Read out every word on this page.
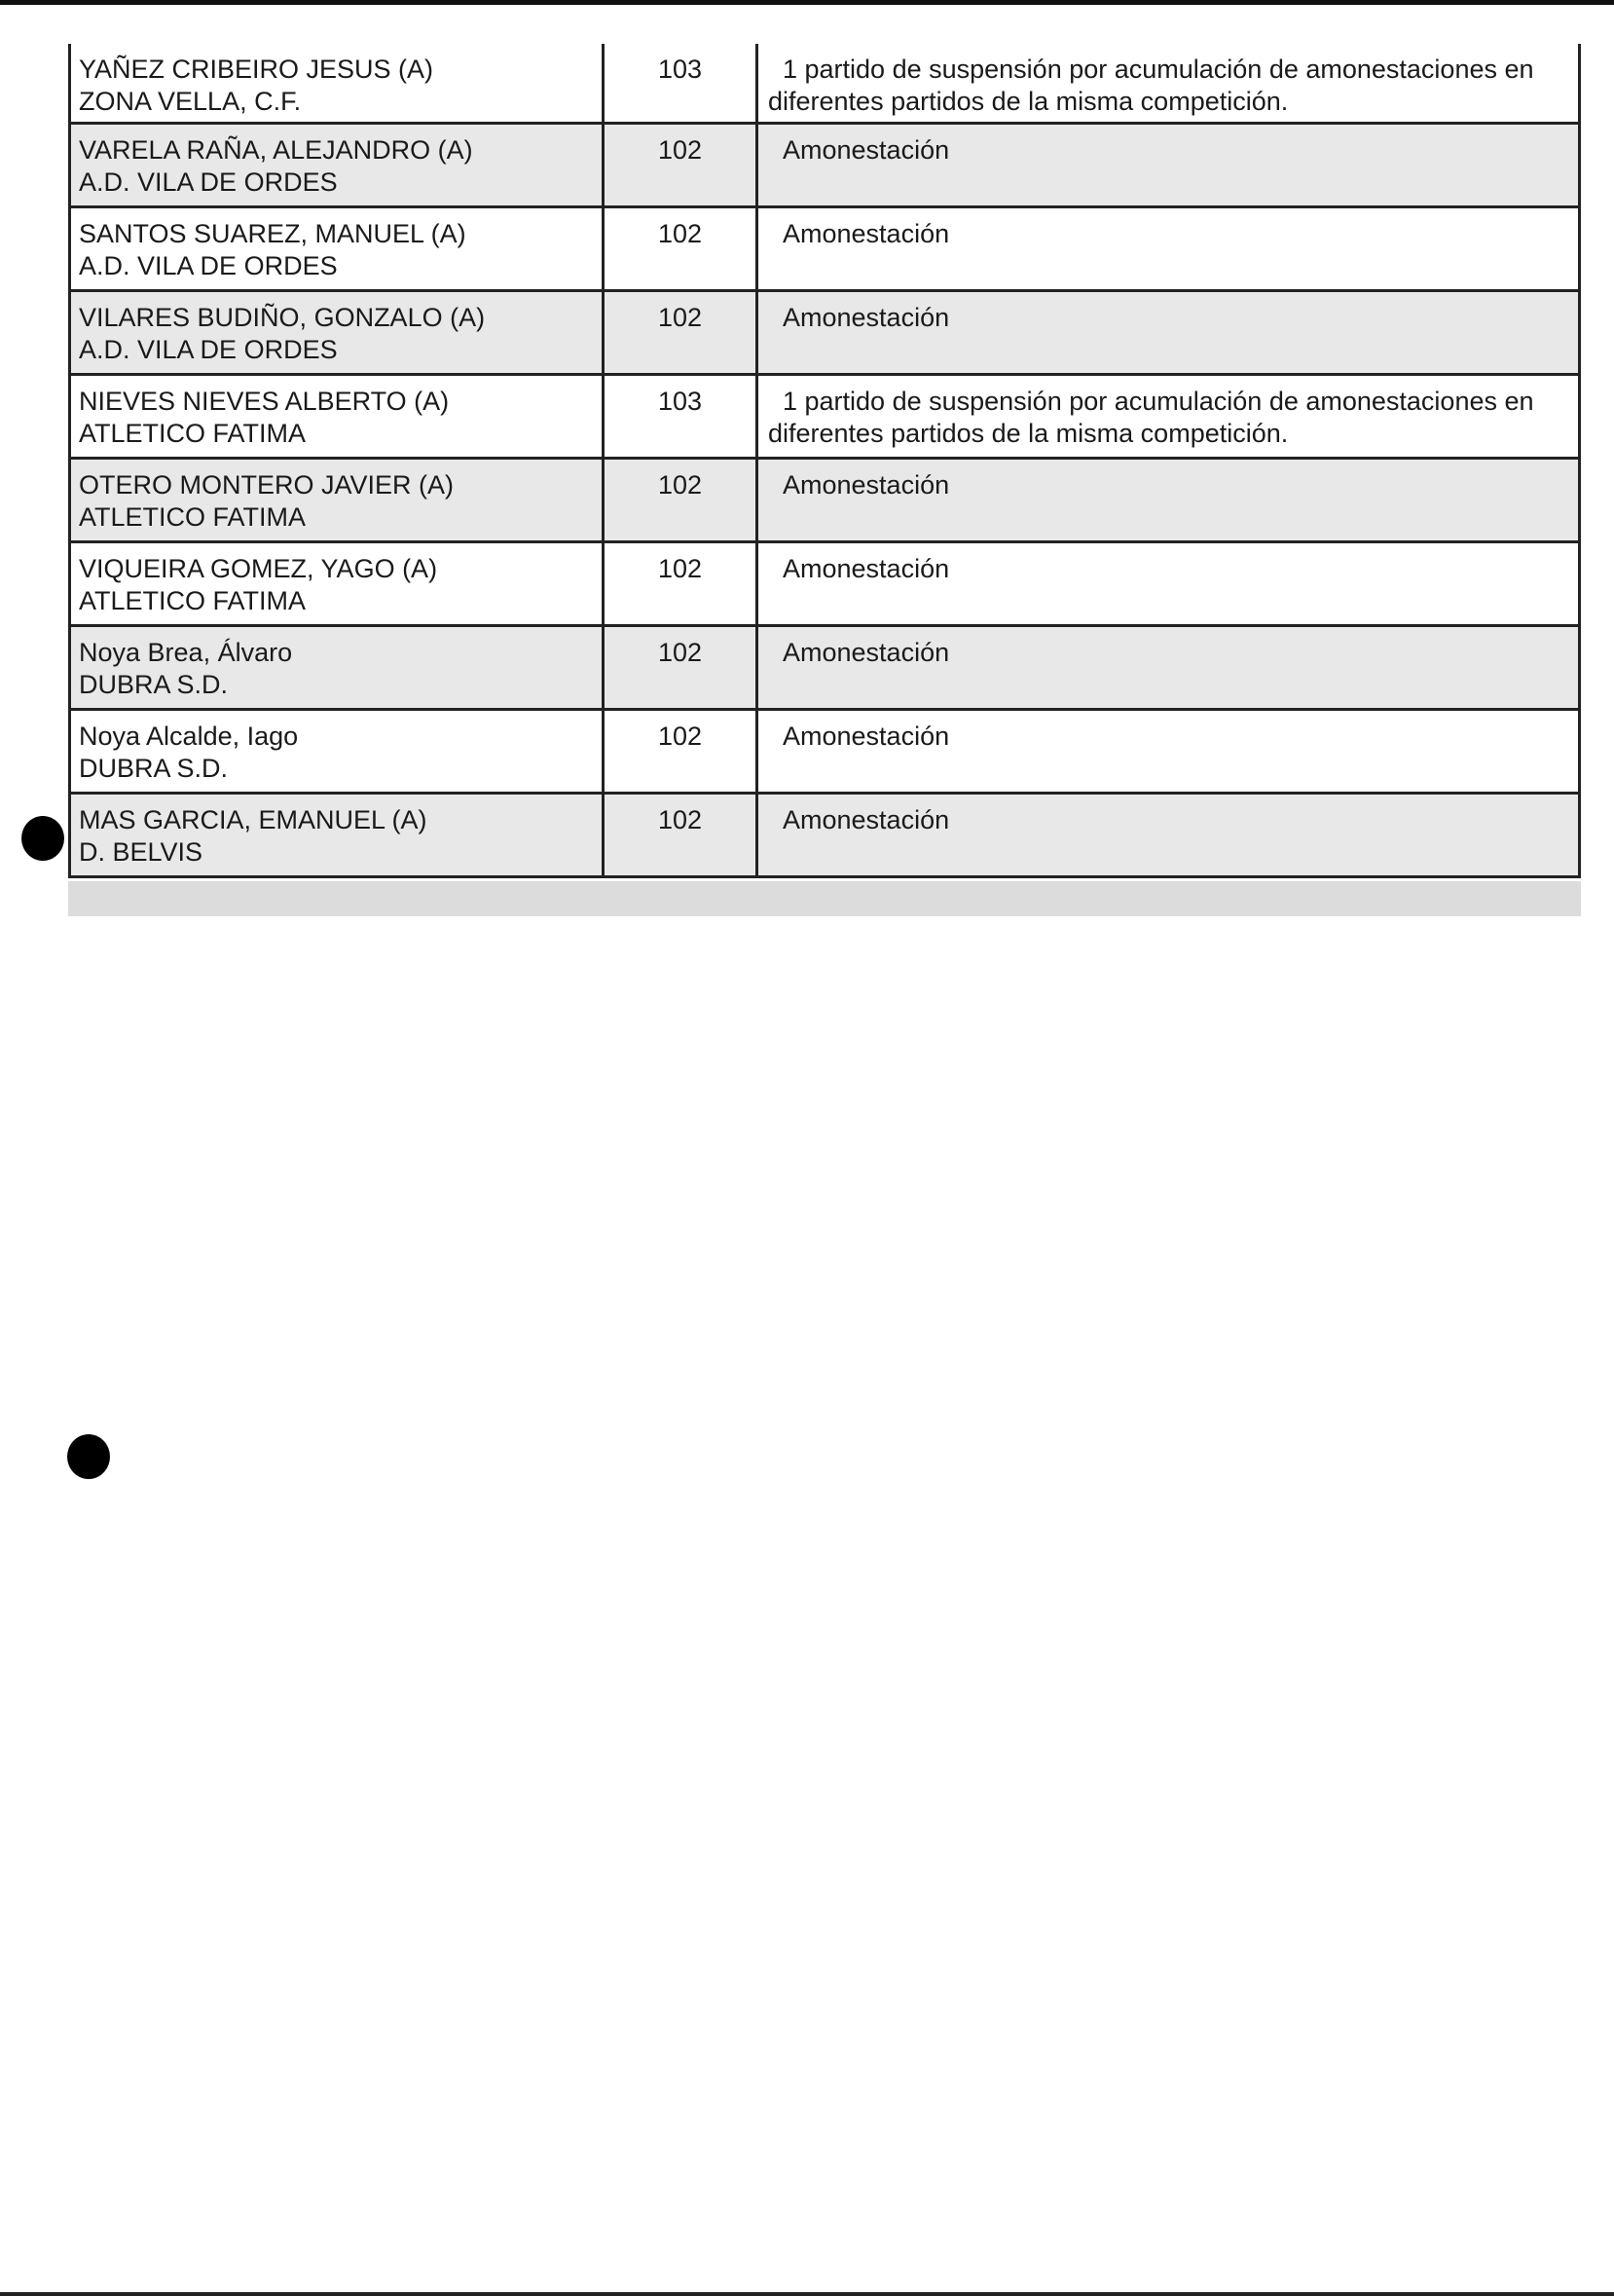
YAÑEZ CRIBEIRO JESUS (A)
ZONA VELLA, C.F.
103	1 partido de suspensión por acumulación de amonestaciones en
diferentes partidos de la misma competición.
VARELA RAÑA, ALEJANDRO (A)
A.D. VILA DE ORDES
102	Amonestación
SANTOS SUAREZ, MANUEL (A)
A.D. VILA DE ORDES
102	Amonestación
VILARES BUDIÑO, GONZALO (A)
A.D. VILA DE ORDES
102	Amonestación
NIEVES NIEVES ALBERTO (A)
ATLETICO FATIMA
103	1 partido de suspensión por acumulación de amonestaciones en
diferentes partidos de la misma competición.
OTERO MONTERO JAVIER (A)
ATLETICO FATIMA
102	Amonestación
VIQUEIRA GOMEZ, YAGO (A)
ATLETICO FATIMA
102	Amonestación
Noya Brea, Álvaro
DUBRA S.D.
102	Amonestación
Noya Alcalde, Iago
DUBRA S.D.
102	Amonestación
MAS GARCIA, EMANUEL (A)
D. BELVIS
102	Amonestación
